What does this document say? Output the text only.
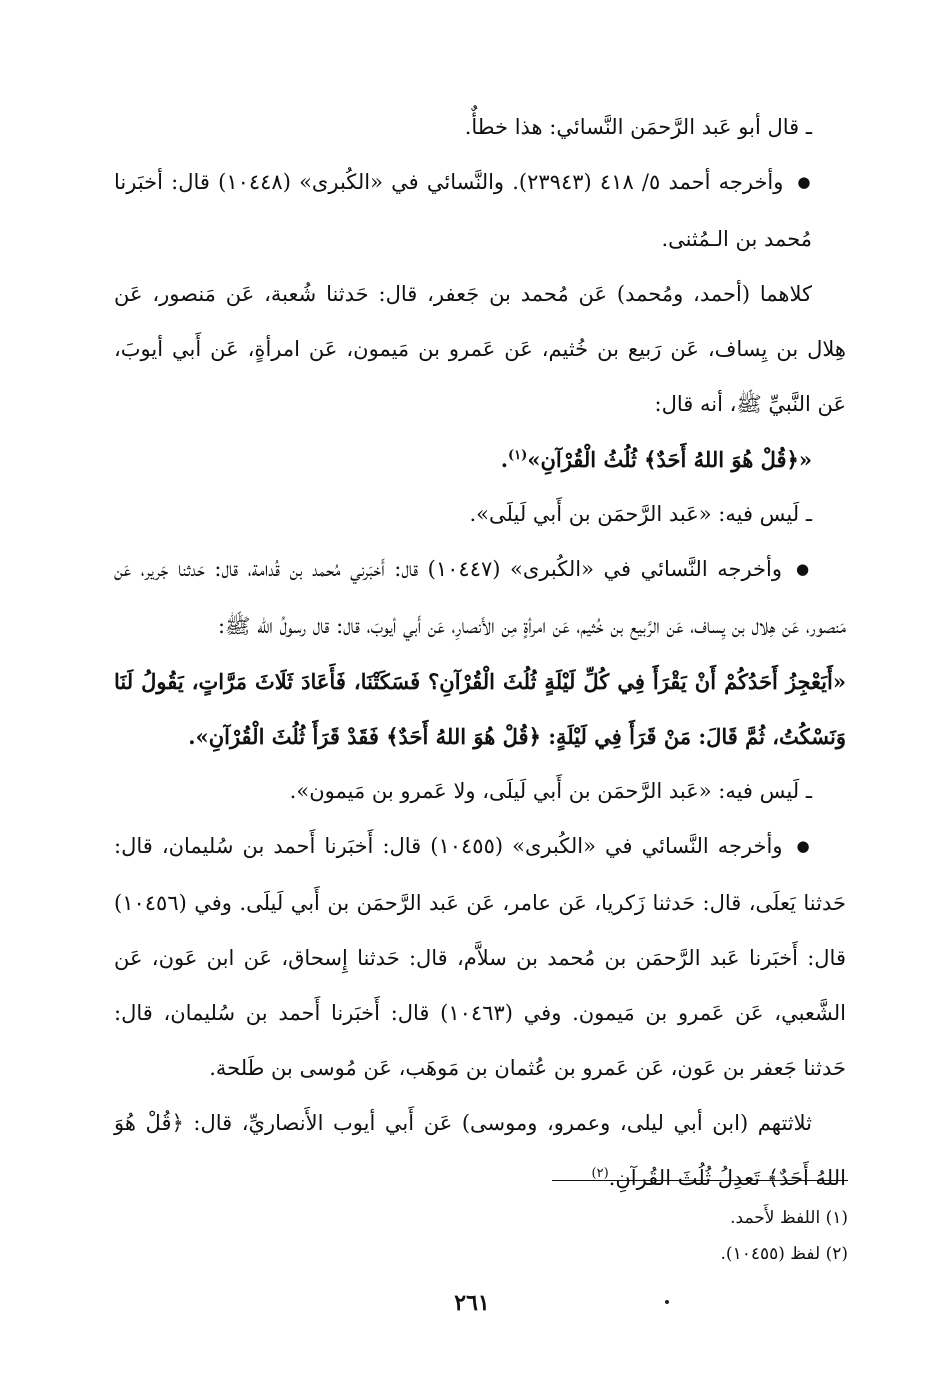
ـ قال أبو عَبد الرَّحمَن النَّسائي: هذا خطأٌ.

● وأخرجه أحمد ٥/ ٤١٨ (٢٣٩٤٣). والنَّسائي في «الكُبرى» (١٠٤٤٨) قال: أخبَرنا مُحمد بن الـمُثنى.

كلاهما (أحمد، ومُحمد) عَن مُحمد بن جَعفر، قال: حَدثنا شُعبة، عَن مَنصور، عَن هِلال بن يِساف، عَن رَبيع بن خُثيم، عَن عَمرو بن مَيمون، عَن امرأةٍ، عَن أَبي أيوبَ، عَن النَّبيِّ ﷺ، أنه قال:

«﴿قُلْ هُوَ اللهُ أَحَدٌ﴾ ثُلُثُ الْقُرْآنِ»$^{(١)}$.

ـ لَيس فيه: «عَبد الرَّحمَن بن أَبي لَيلَى».

● وأخرجه النَّسائي في «الكُبرى» (١٠٤٤٧) قال: أَخبَرني مُحمد بن قُدامة، قال: حَدثنا جَرير، عَن مَنصور، عَن هِلال بن يِساف، عَن الرَّبيع بن خُثيم، عَن امرأةٍ مِن الأَنصارِ، عَن أَبي أيوبَ، قال: قال رسولُ الله ﷺ:

«أَيَعْجِزُ أَحَدُكُمْ أَنْ يَقْرَأَ فِي كُلِّ لَيْلَةٍ ثُلُثَ الْقُرْآنِ؟ فَسَكَتْنَا، فَأَعَادَ ثَلَاثَ مَرَّاتٍ، يَقُولُ لَنَا وَنَسْكُتُ، ثُمَّ قَالَ: مَنْ قَرَأَ فِي لَيْلَةٍ: ﴿قُلْ هُوَ اللهُ أَحَدٌ﴾ فَقَدْ قَرَأَ ثُلُثَ الْقُرْآنِ».

ـ لَيس فيه: «عَبد الرَّحمَن بن أَبي لَيلَى، ولا عَمرو بن مَيمون».

● وأخرجه النَّسائي في «الكُبرى» (١٠٤٥٥) قال: أَخبَرنا أَحمد بن سُليمان، قال: حَدثنا يَعلَى، قال: حَدثنا زَكريا، عَن عامر، عَن عَبد الرَّحمَن بن أَبي لَيلَى. وفي (١٠٤٥٦) قال: أَخبَرنا عَبد الرَّحمَن بن مُحمد بن سلاَّم، قال: حَدثنا إِسحاق، عَن ابن عَون، عَن الشَّعبي، عَن عَمرو بن مَيمون. وفي (١٠٤٦٣) قال: أَخبَرنا أَحمد بن سُليمان، قال: حَدثنا جَعفر بن عَون، عَن عَمرو بن عُثمان بن مَوهَب، عَن مُوسى بن طَلحة.

ثلاثتهم (ابن أبي ليلى، وعمرو، وموسى) عَن أَبي أيوب الأَنصاريِّ، قال: ﴿قُلْ هُوَ اللهُ أَحَدٌ﴾ تَعدِلُ ثُلُثَ القُرآنِ.$^{(٢)}$

(١) اللفظ لأَحمد.

(٢) لفظ (١٠٤٥٥).

٢٦١
